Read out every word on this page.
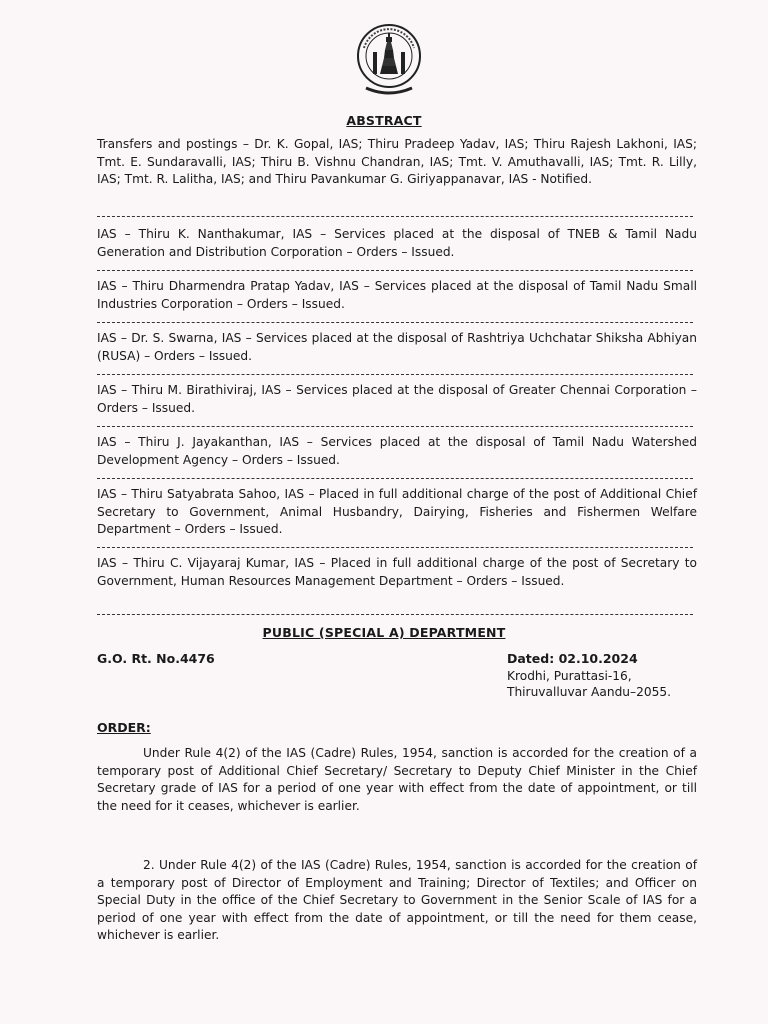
ABSTRACT
Transfers and postings – Dr. K. Gopal, IAS; Thiru Pradeep Yadav, IAS; Thiru Rajesh Lakhoni, IAS; Tmt. E. Sundaravalli, IAS; Thiru B. Vishnu Chandran, IAS; Tmt. V. Amuthavalli, IAS; Tmt. R. Lilly, IAS; Tmt. R. Lalitha, IAS; and Thiru Pavankumar G. Giriyappanavar, IAS - Notified.
IAS – Thiru K. Nanthakumar, IAS – Services placed at the disposal of TNEB & Tamil Nadu Generation and Distribution Corporation – Orders – Issued.
IAS – Thiru Dharmendra Pratap Yadav, IAS – Services placed at the disposal of Tamil Nadu Small Industries Corporation – Orders – Issued.
IAS – Dr. S. Swarna, IAS – Services placed at the disposal of Rashtriya Uchchatar Shiksha Abhiyan (RUSA) – Orders – Issued.
IAS – Thiru M. Birathiviraj, IAS – Services placed at the disposal of Greater Chennai Corporation – Orders – Issued.
IAS – Thiru J. Jayakanthan, IAS – Services placed at the disposal of Tamil Nadu Watershed Development Agency – Orders – Issued.
IAS – Thiru Satyabrata Sahoo, IAS – Placed in full additional charge of the post of Additional Chief Secretary to Government, Animal Husbandry, Dairying, Fisheries and Fishermen Welfare Department – Orders – Issued.
IAS – Thiru C. Vijayaraj Kumar, IAS – Placed in full additional charge of the post of Secretary to Government, Human Resources Management Department – Orders – Issued.
PUBLIC (SPECIAL A) DEPARTMENT
G.O. Rt. No.4476	Dated: 02.10.2024
Krodhi, Purattasi-16,
Thiruvalluvar Aandu–2055.
ORDER:
Under Rule 4(2) of the IAS (Cadre) Rules, 1954, sanction is accorded for the creation of a temporary post of Additional Chief Secretary/ Secretary to Deputy Chief Minister in the Chief Secretary grade of IAS for a period of one year with effect from the date of appointment, or till the need for it ceases, whichever is earlier.
2. Under Rule 4(2) of the IAS (Cadre) Rules, 1954, sanction is accorded for the creation of a temporary post of Director of Employment and Training; Director of Textiles; and Officer on Special Duty in the office of the Chief Secretary to Government in the Senior Scale of IAS for a period of one year with effect from the date of appointment, or till the need for them cease, whichever is earlier.
